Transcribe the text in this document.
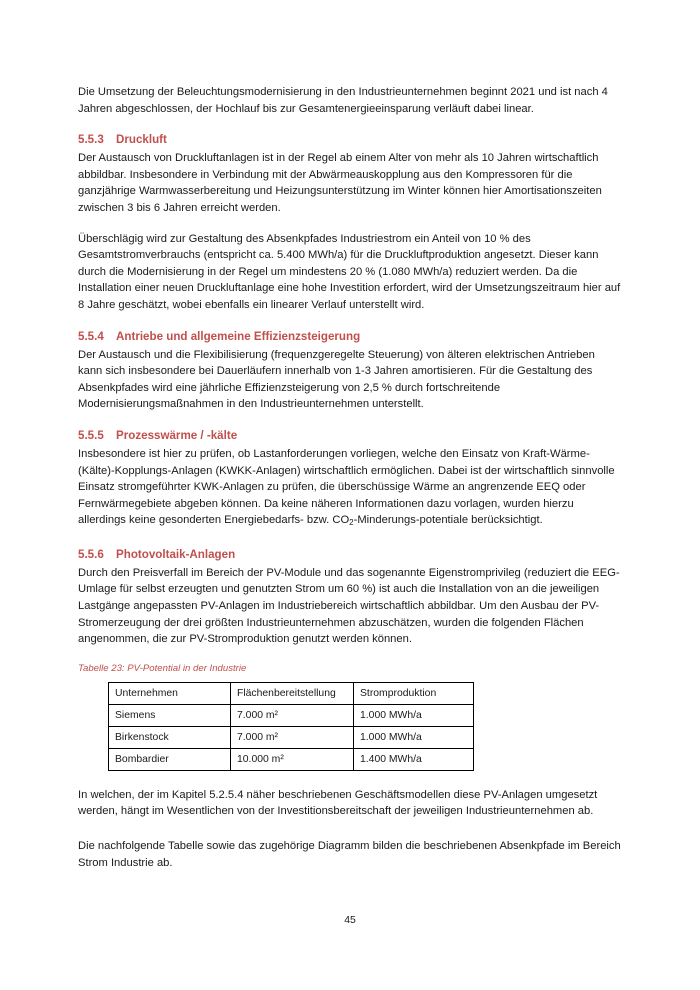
Die Umsetzung der Beleuchtungsmodernisierung in den Industrieunternehmen beginnt 2021 und ist nach 4 Jahren abgeschlossen, der Hochlauf bis zur Gesamtenergieeinsparung verläuft dabei linear.

5.5.3 Druckluft

Der Austausch von Druckluftanlagen ist in der Regel ab einem Alter von mehr als 10 Jahren wirtschaftlich abbildbar. Insbesondere in Verbindung mit der Abwärmeauskopplung aus den Kompressoren für die ganzjährige Warmwasserbereitung und Heizungsunterstützung im Winter können hier Amortisationszeiten zwischen 3 bis 6 Jahren erreicht werden.

Überschlägig wird zur Gestaltung des Absenkpfades Industriestrom ein Anteil von 10 % des Gesamtstromverbrauchs (entspricht ca. 5.400 MWh/a) für die Druckluftproduktion angesetzt. Dieser kann durch die Modernisierung in der Regel um mindestens 20 % (1.080 MWh/a) reduziert werden. Da die Installation einer neuen Druckluftanlage eine hohe Investition erfordert, wird der Umsetzungszeitraum hier auf 8 Jahre geschätzt, wobei ebenfalls ein linearer Verlauf unterstellt wird.

5.5.4 Antriebe und allgemeine Effizienzsteigerung

Der Austausch und die Flexibilisierung (frequenzgeregelte Steuerung) von älteren elektrischen Antrieben kann sich insbesondere bei Dauerläufern innerhalb von 1-3 Jahren amortisieren. Für die Gestaltung des Absenkpfades wird eine jährliche Effizienzsteigerung von 2,5 % durch fortschreitende Modernisierungsmaßnahmen in den Industrieunternehmen unterstellt.

5.5.5 Prozesswärme / -kälte

Insbesondere ist hier zu prüfen, ob Lastanforderungen vorliegen, welche den Einsatz von Kraft-Wärme-(Kälte)-Kopplungs-Anlagen (KWKK-Anlagen) wirtschaftlich ermöglichen. Dabei ist der wirtschaftlich sinnvolle Einsatz stromgeführter KWK-Anlagen zu prüfen, die überschüssige Wärme an angrenzende EEQ oder Fernwärmegebiete abgeben können. Da keine näheren Informationen dazu vorlagen, wurden hierzu allerdings keine gesonderten Energiebedarfs- bzw. $CO_2-Minderungs$-potentiale berücksichtigt.

5.5.6 Photovoltaik-Anlagen

Durch den Preisverfall im Bereich der PV-Module und das sogenannte Eigenstromprivileg (reduziert die EEG-Umlage für selbst erzeugten und genutzten Strom um 60 %) ist auch die Installation von an die jeweiligen Lastgänge angepassten PV-Anlagen im Industriebereich wirtschaftlich abbildbar. Um den Ausbau der PV-Stromerzeugung der drei größten Industrieunternehmen abzuschätzen, wurden die folgenden Flächen angenommen, die zur PV-Stromproduktion genutzt werden können.

Tabelle 23: PV-Potential in der Industrie
Unternehmen	Flächenbereitstellung	Stromproduktion
Siemens	7.000 m²	1.000 MWh/a
Birkenstock	7.000 m²	1.000 MWh/a
Bombardier	10.000 m²	1.400 MWh/a

In welchen, der im Kapitel 5.2.5.4 näher beschriebenen Geschäftsmodellen diese PV-Anlagen umgesetzt werden, hängt im Wesentlichen von der Investitionsbereitschaft der jeweiligen Industrieunternehmen ab.

Die nachfolgende Tabelle sowie das zugehörige Diagramm bilden die beschriebenen Absenkpfade im Bereich Strom Industrie ab.

45
